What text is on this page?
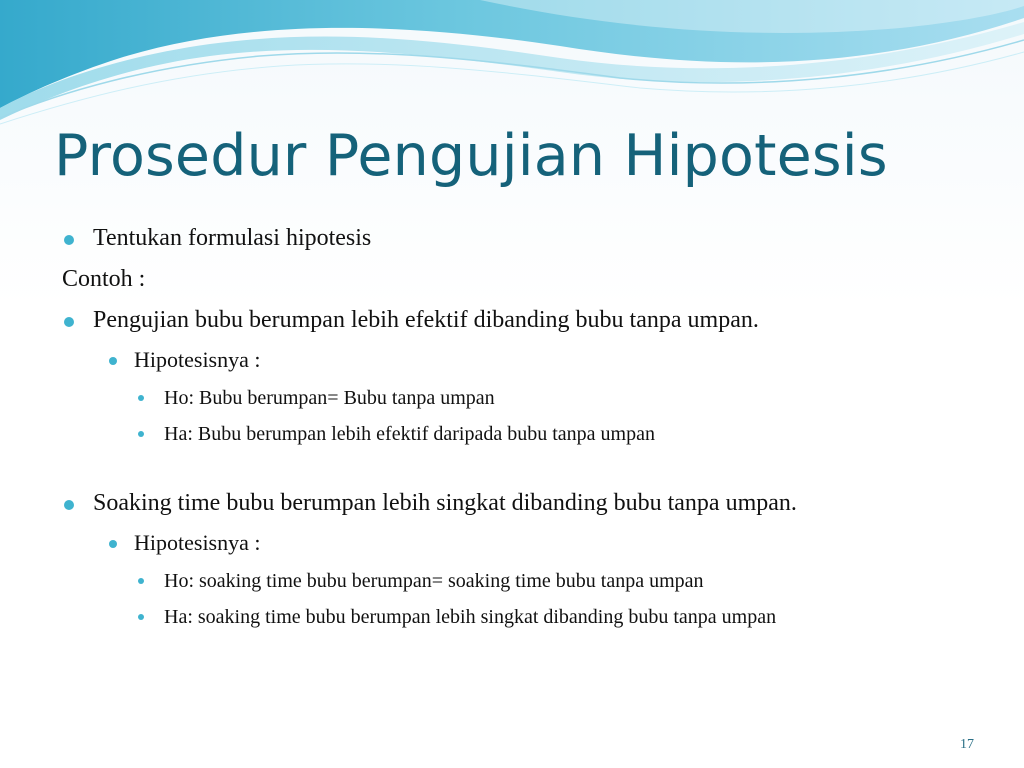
Prosedur Pengujian Hipotesis
Tentukan formulasi hipotesis
Contoh :
Pengujian bubu berumpan lebih efektif dibanding bubu tanpa umpan.
Hipotesisnya :
Ho: Bubu berumpan= Bubu tanpa umpan
Ha: Bubu berumpan lebih efektif daripada bubu tanpa umpan
Soaking time bubu berumpan lebih singkat dibanding bubu tanpa umpan.
Hipotesisnya :
Ho: soaking time bubu berumpan= soaking time bubu tanpa umpan
Ha: soaking time bubu berumpan lebih singkat dibanding bubu tanpa umpan
17
